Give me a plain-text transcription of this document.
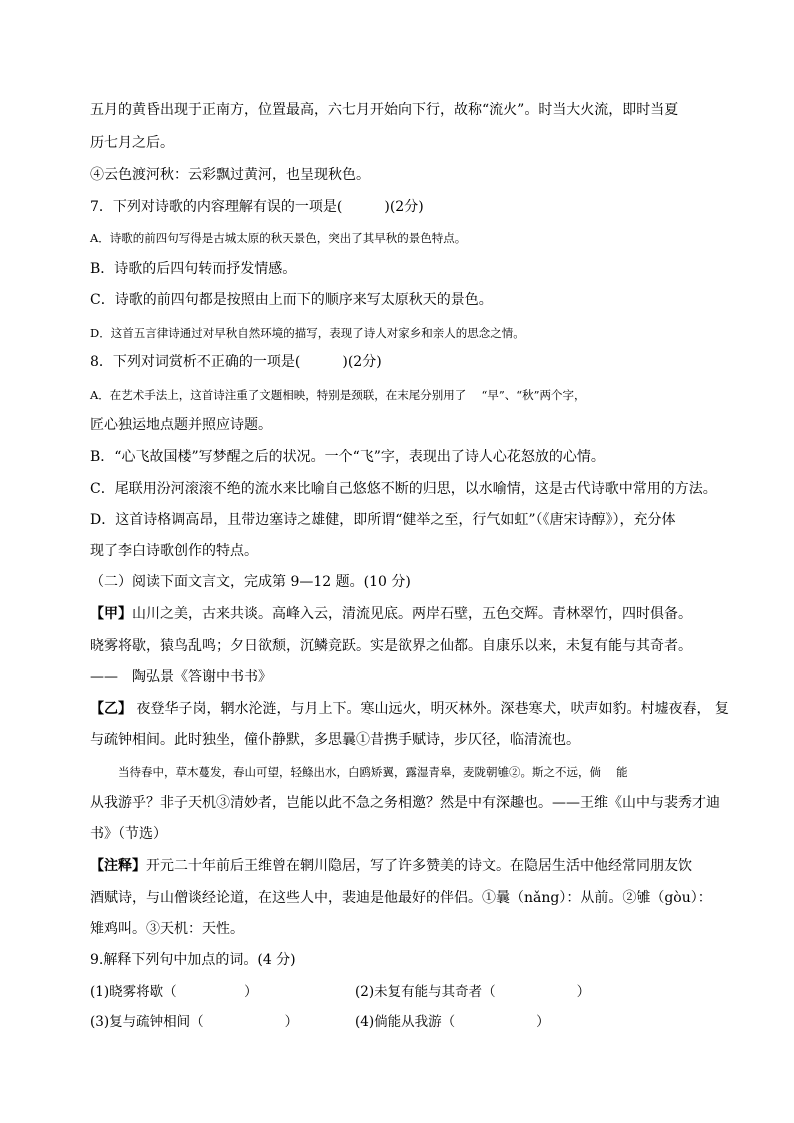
五月的黄昏出现于正南方，位置最高，六七月开始向下行，故称“流火”。时当大火流，即时当夏
历七月之后。
④云色渡河秋：云彩飘过黄河，也呈现秋色。
7．下列对诗歌的内容理解有误的一项是(　　　)(2分)
A．诗歌的前四句写得是古城太原的秋天景色，突出了其早秋的景色特点。
B．诗歌的后四句转而抒发情感。
C．诗歌的前四句都是按照由上而下的顺序来写太原秋天的景色。
D．这首五言律诗通过对早秋自然环境的描写，表现了诗人对家乡和亲人的思念之情。
8．下列对词赏析不正确的一项是(　　　)(2分)
A．在艺术手法上，这首诗注重了文题相映，特别是颈联，在末尾分别用了　 “早”、“秋”两个字，
匠心独运地点题并照应诗题。
B．“心飞故国楼”写梦醒之后的状况。一个“飞”字，表现出了诗人心花怒放的心情。
C．尾联用汾河滚滚不绝的流水来比喻自己悠悠不断的归思，以水喻情，这是古代诗歌中常用的方法。
D．这首诗格调高昂，且带边塞诗之雄健，即所谓“健举之至，行气如虹”（《唐宋诗醇》），充分体
现了李白诗歌创作的特点。
（二）阅读下面文言文，完成第 9—12 题。(10 分)
【甲】山川之美，古来共谈。高峰入云，清流见底。两岸石壁，五色交辉。青林翠竹，四时俱备。
晓雾将歇，猿鸟乱鸣；夕日欲颓，沉鳞竞跃。实是欲界之仙都。自康乐以来，未复有能与其奇者。
——　陶弘景《答谢中书书》
【乙】 夜登华子岗，辋水沦涟，与月上下。寒山远火，明灭林外。深巷寒犬，吠声如豹。村墟夜舂， 复
与疏钟相间。此时独坐，僮仆静默，多思曩①昔携手赋诗，步仄径，临清流也。
当待春中，草木蔓发，春山可望，轻鲦出水，白鸥矫翼，露湿青皋，麦陇朝雊②。斯之不远，倘　 能
从我游乎？非子天机③清妙者，岂能以此不急之务相邀？然是中有深趣也。——王维《山中与裴秀才迪
书》（节选）
【注释】开元二十年前后王维曾在辋川隐居，写了许多赞美的诗文。在隐居生活中他经常同朋友饮
酒赋诗，与山僧谈经论道，在这些人中，裴迪是他最好的伴侣。①曩（nǎng）：从前。②雊（gòu）：
雉鸡叫。③天机：天性。
9.解释下列句中加点的词。(4 分)
(1)晓雾将歇（　　　　　）	(2)未复有能与其奇者（　　　　　　）
(3)复与疏钟相间（　　　　　　）	(4)倘能从我游（　　　　　　）
